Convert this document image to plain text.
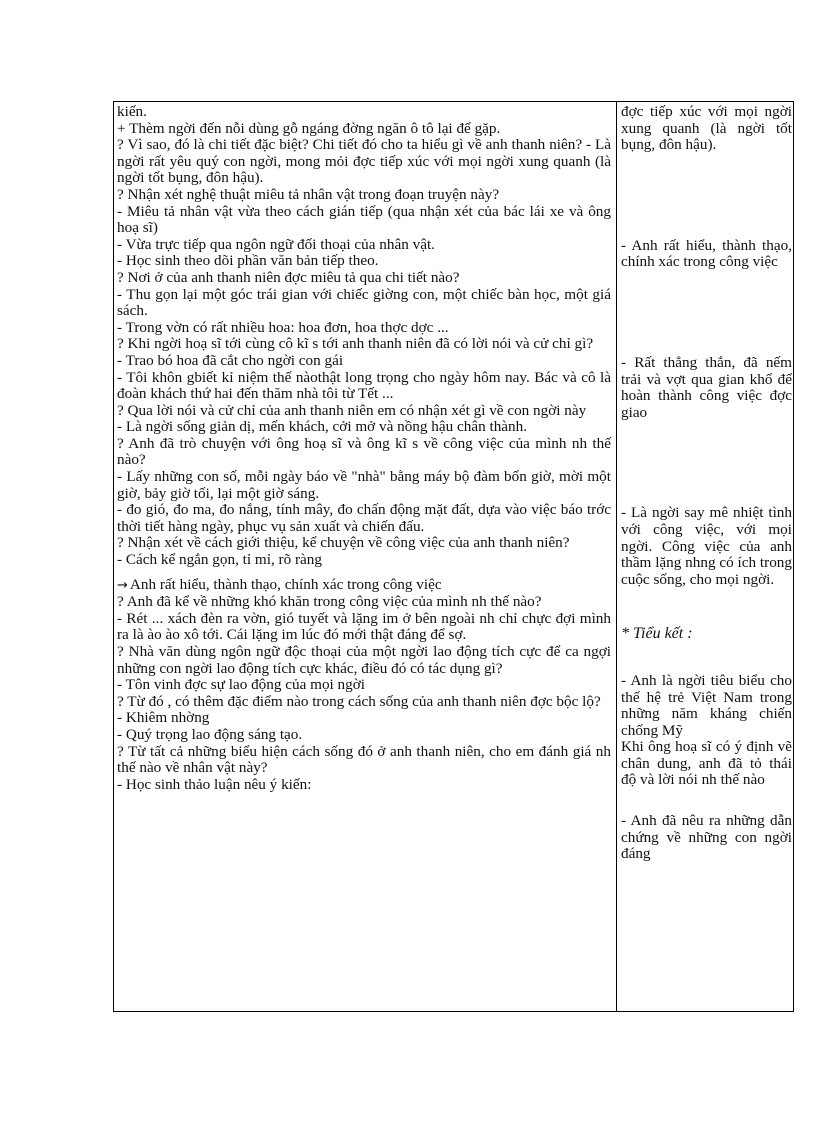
kiến.

+ Thèm ngời đến nỗi dùng gỗ ngáng đờng ngăn ô tô lại để gặp.

? Vì sao, đó là chi tiết đặc biệt? Chi tiết đó cho ta hiểu gì về anh thanh niên? - Là ngời rất yêu quý con ngời, mong mỏi đợc tiếp xúc với mọi ngời xung quanh (là ngời tốt bụng, đôn hậu).

? Nhận xét nghệ thuật miêu tả nhân vật trong đoạn truyện này?

- Miêu tả nhân vật vừa theo cách gián tiếp (qua nhận xét của bác lái xe và ông hoạ sĩ)

- Vừa trực tiếp qua ngôn ngữ đối thoại của nhân vật.

- Học sinh theo dõi phần văn bản tiếp theo.

? Nơi ở của anh thanh niên đợc miêu tả qua chi tiết nào?

- Thu gọn lại một góc trái gian với chiếc giờng con, một chiếc bàn học, một giá sách.

- Trong vờn có rất nhiều hoa: hoa đơn, hoa thợc dợc ...

? Khi ngời hoạ sĩ tới cùng cô kĩ s tới anh thanh niên đã có lời nói và cử chỉ gì?

- Trao bó hoa đã cắt cho ngời con gái

- Tôi khôn gbiết kỉ niệm thế nàothật long trọng cho ngày hôm nay. Bác và cô là đoàn khách thứ hai đến thăm nhà tôi từ Tết ...

? Qua lời nói và cử chỉ của anh thanh niên em có nhận xét gì về con ngời này

- Là ngời sống giản dị, mến khách, cởi mở và nồng hậu chân thành.

? Anh đã trò chuyện với ông hoạ sĩ và ông kĩ s về công việc của mình nh thế nào?

- Lấy những con số, mỗi ngày báo về "nhà" bằng máy bộ đàm bốn giờ, mời một giờ, bảy giờ tối, lại một giờ sáng.

- đo gió, đo ma, đo nắng, tính mây, đo chấn động mặt đất, dựa vào việc báo trớc thời tiết hàng ngày, phục vụ sản xuất và chiến đấu.

? Nhận xét về cách giới thiệu, kể chuyện về công việc của anh thanh niên?

- Cách kể ngắn gọn, tỉ mỉ, rõ ràng

→ Anh rất hiểu, thành thạo, chính xác trong công việc

? Anh đã kể về những khó khăn trong công việc của mình nh thế nào?

- Rét ... xách đèn ra vờn, gió tuyết và lặng im ở bên ngoài nh chỉ chực đợi mình ra là ào ào xô tới. Cái lặng im lúc đó mới thật đáng để sợ.

? Nhà văn dùng ngôn ngữ độc thoại của một ngời lao động tích cực để ca ngợi những con ngời lao động tích cực khác, điều đó có tác dụng gì?

- Tôn vinh đợc sự lao động của mọi ngời

? Từ đó , có thêm đặc điểm nào trong cách sống của anh thanh niên đợc bộc lộ?

- Khiêm nhờng

- Quý trọng lao động sáng tạo.

? Từ tất cả những biểu hiện cách sống đó ở anh thanh niên, cho em đánh giá nh thế nào về nhân vật này?

- Học sinh thảo luận nêu ý kiến:

đợc tiếp xúc với mọi ngời xung quanh (là ngời tốt bụng, đôn hậu).

- Anh rất hiểu, thành thạo, chính xác trong công việc

- Rất thẳng thắn, đã nếm trải và vợt qua gian khổ để hoàn thành công việc đợc giao

- Là ngời say mê nhiệt tình với công việc, với mọi ngời. Công việc của anh thầm lặng nhng có ích trong cuộc sống, cho mọi ngời.

* Tiểu kết :

- Anh là ngời tiêu biểu cho thế hệ trẻ Việt Nam trong những năm kháng chiến chống Mỹ

Khi ông hoạ sĩ có ý định vẽ chân dung, anh đã tỏ thái độ và lời nói nh thế nào

- Anh đã nêu ra những dẫn chứng về những con ngời đáng
